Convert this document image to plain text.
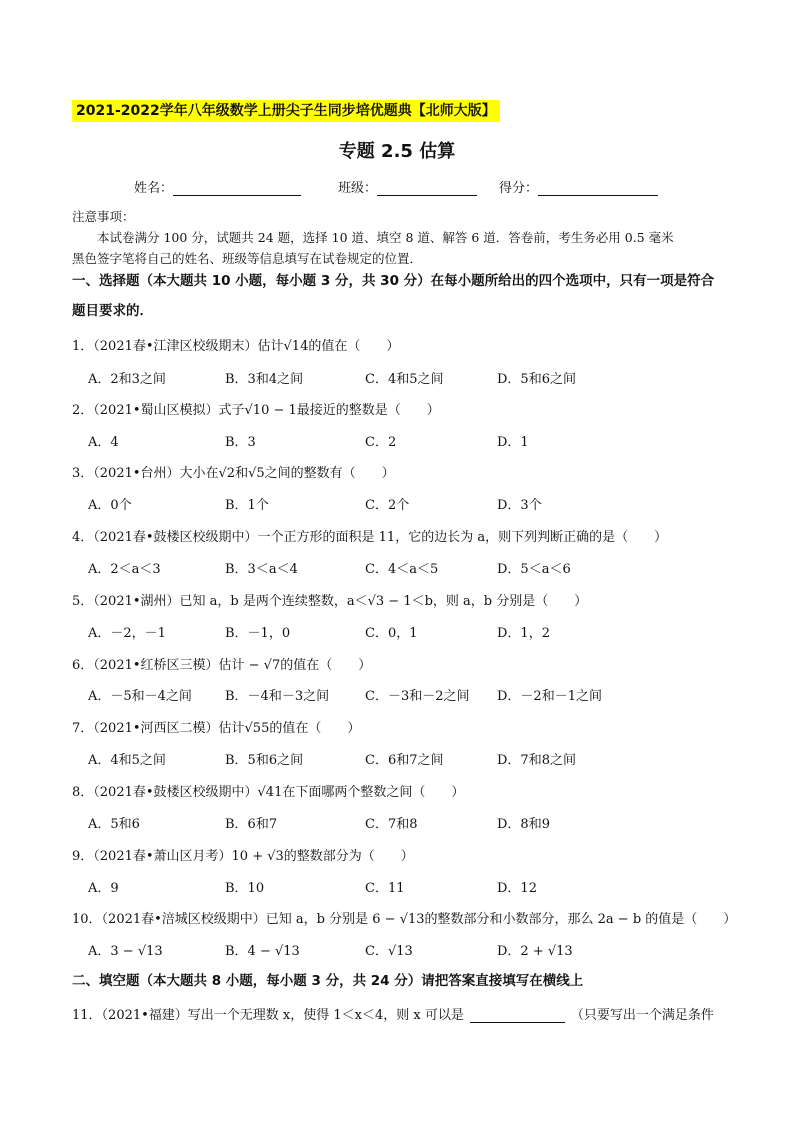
2021-2022学年八年级数学上册尖子生同步培优题典【北师大版】
专题 2.5 估算
姓名：	班级：	得分：
注意事项：
本试卷满分 100 分，试题共 24 题，选择 10 道、填空 8 道、解答 6 道．答卷前，考生务必用 0.5 毫米
黑色签字笔将自己的姓名、班级等信息填写在试卷规定的位置．
一、选择题（本大题共 10 小题，每小题 3 分，共 30 分）在每小题所给出的四个选项中，只有一项是符合
题目要求的．
1．（2021春•江津区校级期末）估计√14的值在（　　）
A．2和3之间	B．3和4之间	C．4和5之间	D．5和6之间
2．（2021•蜀山区模拟）式子√10 − 1最接近的整数是（　　）
A．4	B．3	C．2	D．1
3．（2021•台州）大小在√2和√5之间的整数有（　　）
A．0个	B．1个	C．2个	D．3个
4．（2021春•鼓楼区校级期中）一个正方形的面积是 11，它的边长为 a，则下列判断正确的是（　　）
A．2＜a＜3	B．3＜a＜4	C．4＜a＜5	D．5＜a＜6
5．（2021•湖州）已知 a，b 是两个连续整数，a＜√3 − 1＜b，则 a，b 分别是（　　）
A．－2，－1	B．－1，0	C．0，1	D．1，2
6．（2021•红桥区三模）估计 − √7的值在（　　）
A．－5和－4之间	B．－4和－3之间	C．－3和－2之间 D．－2和－1之间
7．（2021•河西区二模）估计√55的值在（　　）
A．4和5之间	B．5和6之间	C．6和7之间	D．7和8之间
8．（2021春•鼓楼区校级期中）√41在下面哪两个整数之间（　　）
A．5和6	B．6和7	C．7和8	D．8和9
9．（2021春•萧山区月考）10 + √3的整数部分为（　　）
A．9	B．10	C．11	D．12
10．（2021春•涪城区校级期中）已知 a，b 分别是 6 − √13的整数部分和小数部分，那么 2a − b 的值是（　　）
A．3 − √13	B．4 − √13	C．√13	D．2 + √13
二、填空题（本大题共 8 小题，每小题 3 分，共 24 分）请把答案直接填写在横线上
11．（2021•福建）写出一个无理数 x，使得 1＜x＜4，则 x 可以是	（只要写出一个满足条件
